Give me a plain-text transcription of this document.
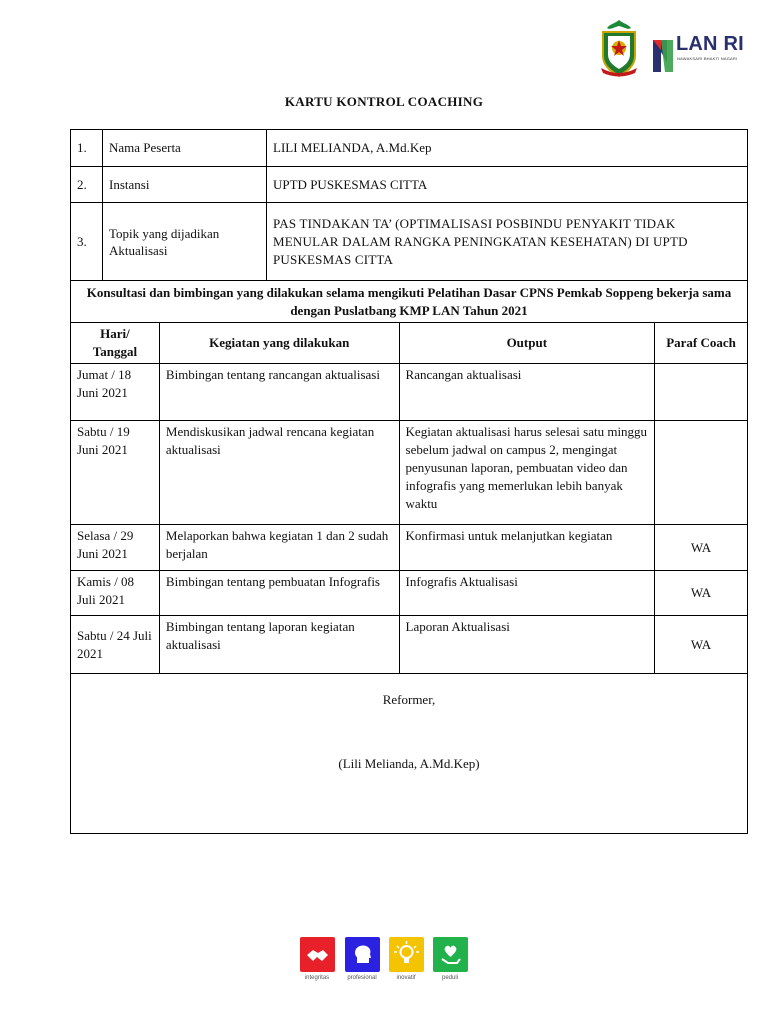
LAN RI
NAWAKSARI BHAKTI NAGARI
KARTU KONTROL COACHING
1.	Nama Peserta	LILI MELIANDA, A.Md.Kep
2.	Instansi	UPTD PUSKESMAS CITTA
3.	Topik yang dijadikan Aktualisasi	PAS TINDAKAN TA’ (OPTIMALISASI POSBINDU PENYAKIT TIDAK MENULAR DALAM RANGKA PENINGKATAN KESEHATAN) DI UPTD PUSKESMAS CITTA
Konsultasi dan bimbingan yang dilakukan selama mengikuti Pelatihan Dasar CPNS Pemkab Soppeng bekerja sama dengan Puslatbang KMP LAN Tahun 2021			
Hari/ Tanggal	Kegiatan yang dilakukan	Output	Paraf Coach
Jumat / 18 Juni 2021	Bimbingan tentang rancangan aktualisasi	Rancangan aktualisasi	
Sabtu / 19 Juni 2021	Mendiskusikan jadwal rencana kegiatan aktualisasi	Kegiatan aktualisasi harus selesai satu minggu sebelum jadwal on campus 2, mengingat penyusunan laporan, pembuatan video dan infografis yang memerlukan lebih banyak waktu	
Selasa / 29 Juni 2021	Melaporkan bahwa kegiatan 1 dan 2 sudah berjalan	Konfirmasi untuk melanjutkan kegiatan	WA
Kamis / 08 Juli 2021	Bimbingan tentang pembuatan Infografis	Infografis Aktualisasi	WA
Sabtu / 24 Juli 2021	Bimbingan tentang laporan kegiatan aktualisasi	Laporan Aktualisasi	WA

Reformer,
(Lili Melianda, A.Md.Kep)			
integritas	profesional	inovatif	peduli
